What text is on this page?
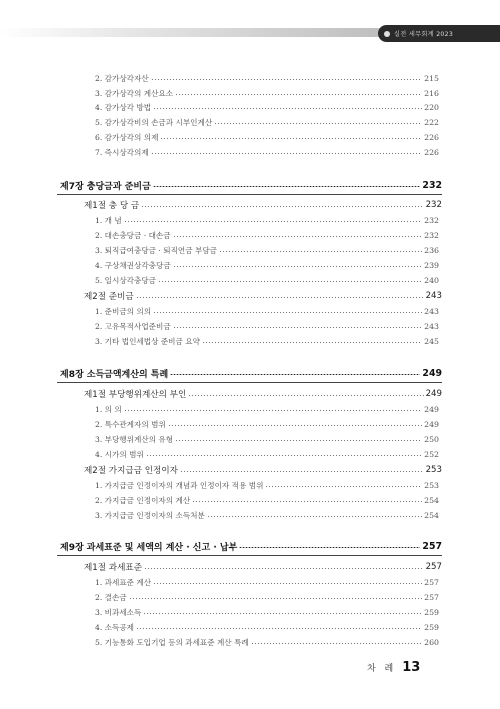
실전 세무회계 2023
2. 감가상각자산	215
3. 감가상각의 계산요소	216
4. 감가상각 방법	220
5. 감가상각비의 손금과 시부인계산	222
6. 감가상각의 의제	226
7. 즉시상각의제	226
제7장 충당금과 준비금	232
제1절 충 당 금	232
1. 개 념	232
2. 대손충당금 · 대손금	232
3. 퇴직급여충당금 · 퇴직연금 부담금	236
4. 구상채권상각충당금	239
5. 일시상각충당금	240
제2절 준비금	243
1. 준비금의 의의	243
2. 고유목적사업준비금	243
3. 기타 법인세법상 준비금 요약	245
제8장 소득금액계산의 특례	249
제1절 부당행위계산의 부인	249
1. 의 의	249
2. 특수관계자의 범위	249
3. 부당행위계산의 유형	250
4. 시가의 범위	252
제2절 가지급금 인정이자	253
1. 가지급금 인정이자의 개념과 인정이자 적용 범위	253
2. 가지급금 인정이자의 계산	254
3. 가지급금 인정이자의 소득처분	254
제9장 과세표준 및 세액의 계산 · 신고 · 납부	257
제1절 과세표준	257
1. 과세표준 계산	257
2. 결손금	257
3. 비과세소득	259
4. 소득공제	259
5. 기능통화 도입기업 등의 과세표준 계산 특례	260
차 례 13
